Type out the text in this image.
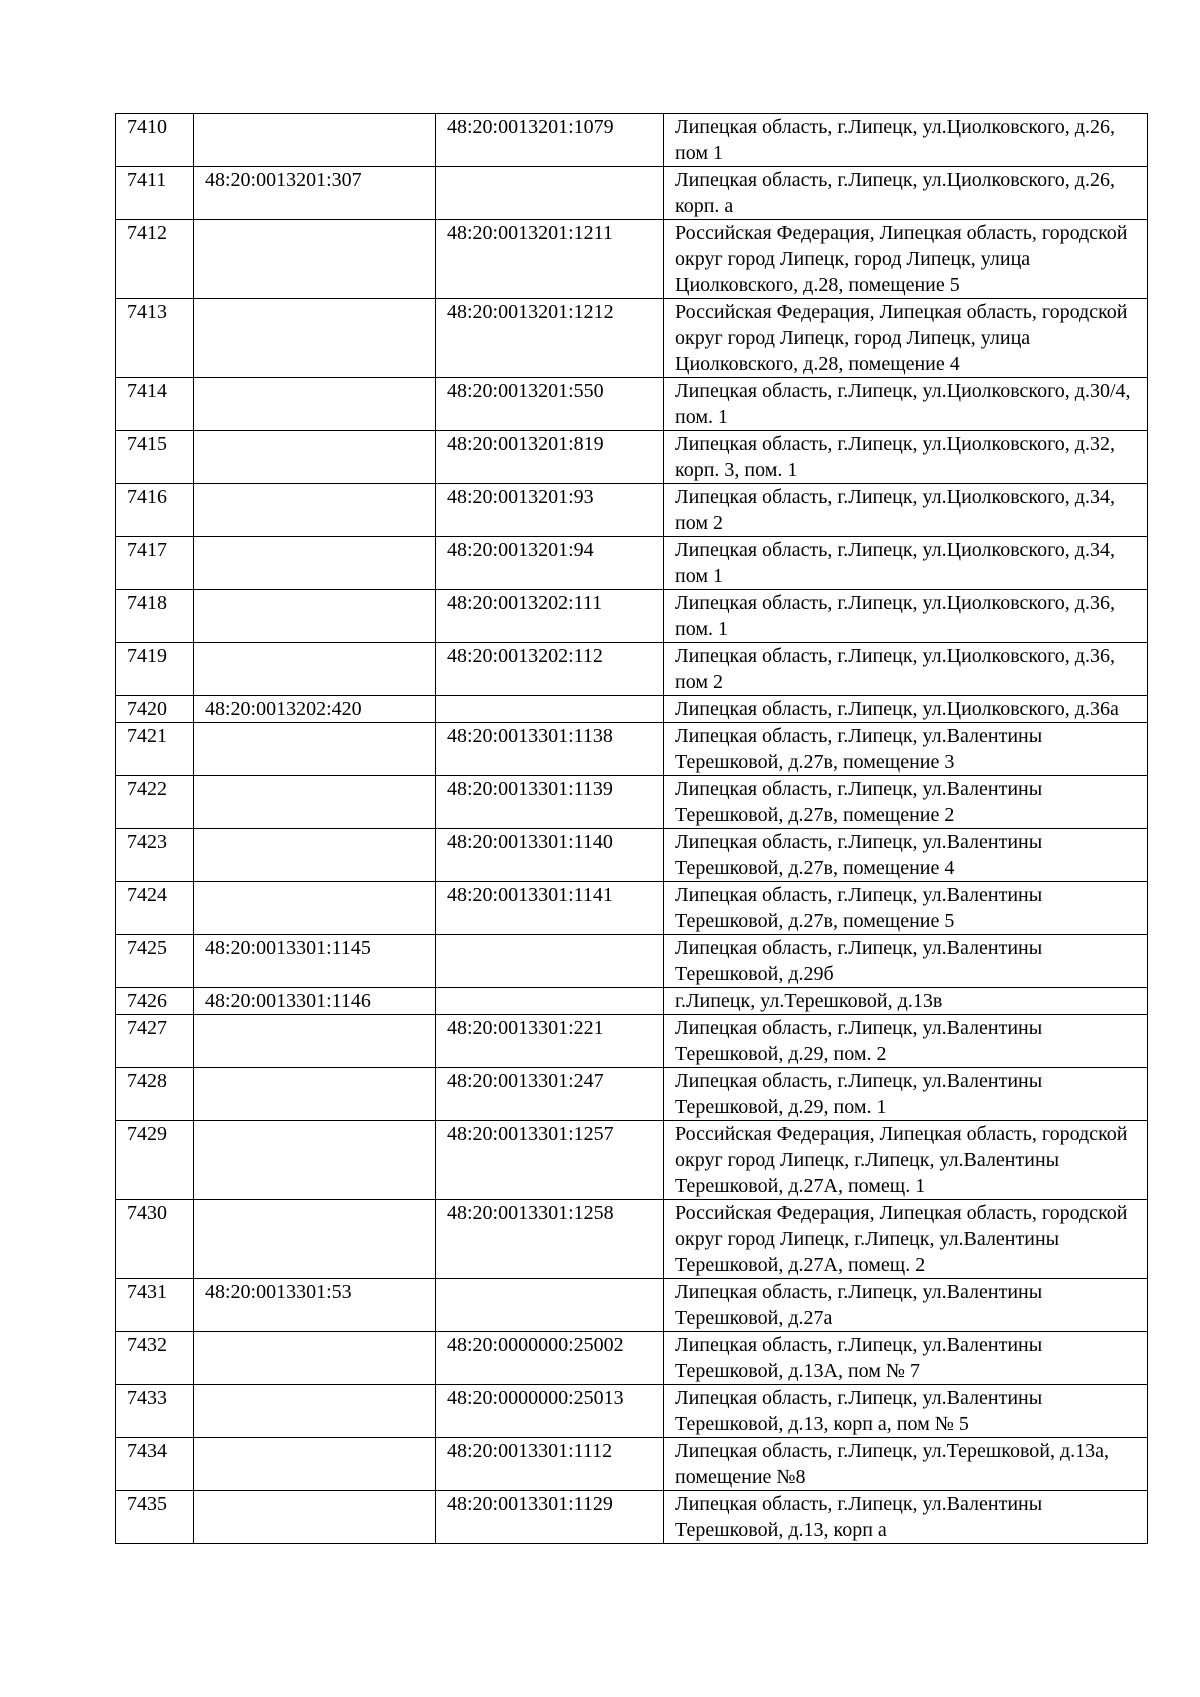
7410		48:20:0013201:1079	Липецкая область, г.Липецк, ул.Циолковского, д.26, пом 1
7411	48:20:0013201:307		Липецкая область, г.Липецк, ул.Циолковского, д.26, корп. а
7412		48:20:0013201:1211	Российская Федерация, Липецкая область, городской округ город Липецк, город Липецк, улица Циолковского, д.28, помещение 5
7413		48:20:0013201:1212	Российская Федерация, Липецкая область, городской округ город Липецк, город Липецк, улица Циолковского, д.28, помещение 4
7414		48:20:0013201:550	Липецкая область, г.Липецк, ул.Циолковского, д.30/4, пом. 1
7415		48:20:0013201:819	Липецкая область, г.Липецк, ул.Циолковского, д.32, корп. 3, пом. 1
7416		48:20:0013201:93	Липецкая область, г.Липецк, ул.Циолковского, д.34, пом 2
7417		48:20:0013201:94	Липецкая область, г.Липецк, ул.Циолковского, д.34, пом 1
7418		48:20:0013202:111	Липецкая область, г.Липецк, ул.Циолковского, д.36, пом. 1
7419		48:20:0013202:112	Липецкая область, г.Липецк, ул.Циолковского, д.36, пом 2
7420	48:20:0013202:420		Липецкая область, г.Липецк, ул.Циолковского, д.36а
7421		48:20:0013301:1138	Липецкая область, г.Липецк, ул.Валентины Терешковой, д.27в, помещение 3
7422		48:20:0013301:1139	Липецкая область, г.Липецк, ул.Валентины Терешковой, д.27в, помещение 2
7423		48:20:0013301:1140	Липецкая область, г.Липецк, ул.Валентины Терешковой, д.27в, помещение 4
7424		48:20:0013301:1141	Липецкая область, г.Липецк, ул.Валентины Терешковой, д.27в, помещение 5
7425	48:20:0013301:1145		Липецкая область, г.Липецк, ул.Валентины Терешковой, д.29б
7426	48:20:0013301:1146		г.Липецк, ул.Терешковой, д.13в
7427		48:20:0013301:221	Липецкая область, г.Липецк, ул.Валентины Терешковой, д.29, пом. 2
7428		48:20:0013301:247	Липецкая область, г.Липецк, ул.Валентины Терешковой, д.29, пом. 1
7429		48:20:0013301:1257	Российская Федерация, Липецкая область, городской округ город Липецк, г.Липецк, ул.Валентины Терешковой, д.27А, помещ. 1
7430		48:20:0013301:1258	Российская Федерация, Липецкая область, городской округ город Липецк, г.Липецк, ул.Валентины Терешковой, д.27А, помещ. 2
7431	48:20:0013301:53		Липецкая область, г.Липецк, ул.Валентины Терешковой, д.27а
7432		48:20:0000000:25002	Липецкая область, г.Липецк, ул.Валентины Терешковой, д.13А, пом № 7
7433		48:20:0000000:25013	Липецкая область, г.Липецк, ул.Валентины Терешковой, д.13, корп а, пом № 5
7434		48:20:0013301:1112	Липецкая область, г.Липецк, ул.Терешковой, д.13а, помещение №8
7435		48:20:0013301:1129	Липецкая область, г.Липецк, ул.Валентины Терешковой, д.13, корп а
